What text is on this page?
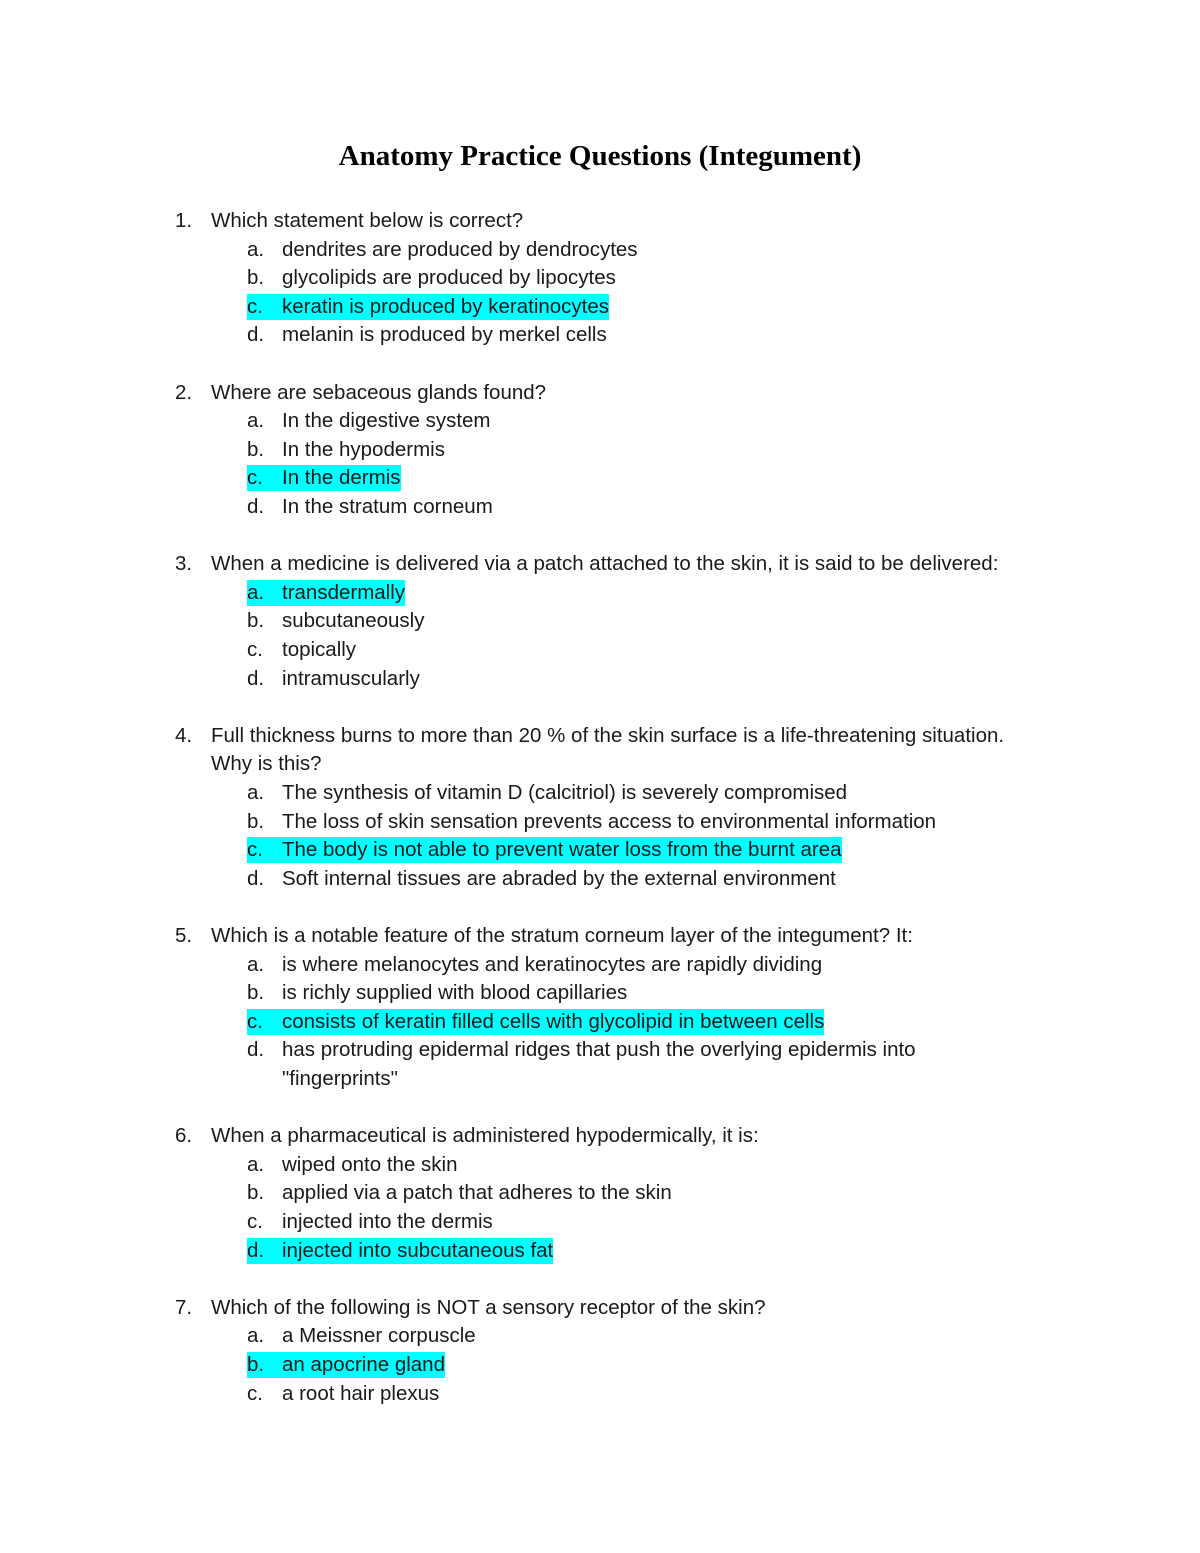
Anatomy Practice Questions (Integument)
1. Which statement below is correct?
a. dendrites are produced by dendrocytes
b. glycolipids are produced by lipocytes
c. keratin is produced by keratinocytes
d. melanin is produced by merkel cells
2. Where are sebaceous glands found?
a. In the digestive system
b. In the hypodermis
c. In the dermis
d. In the stratum corneum
3. When a medicine is delivered via a patch attached to the skin, it is said to be delivered:
a. transdermally
b. subcutaneously
c. topically
d. intramuscularly
4. Full thickness burns to more than 20 % of the skin surface is a life-threatening situation.
Why is this?
a. The synthesis of vitamin D (calcitriol) is severely compromised
b. The loss of skin sensation prevents access to environmental information
c. The body is not able to prevent water loss from the burnt area
d. Soft internal tissues are abraded by the external environment
5. Which is a notable feature of the stratum corneum layer of the integument? It:
a. is where melanocytes and keratinocytes are rapidly dividing
b. is richly supplied with blood capillaries
c. consists of keratin filled cells with glycolipid in between cells
d. has protruding epidermal ridges that push the overlying epidermis into
"fingerprints"
6. When a pharmaceutical is administered hypodermically, it is:
a. wiped onto the skin
b. applied via a patch that adheres to the skin
c. injected into the dermis
d. injected into subcutaneous fat
7. Which of the following is NOT a sensory receptor of the skin?
a. a Meissner corpuscle
b. an apocrine gland
c. a root hair plexus
